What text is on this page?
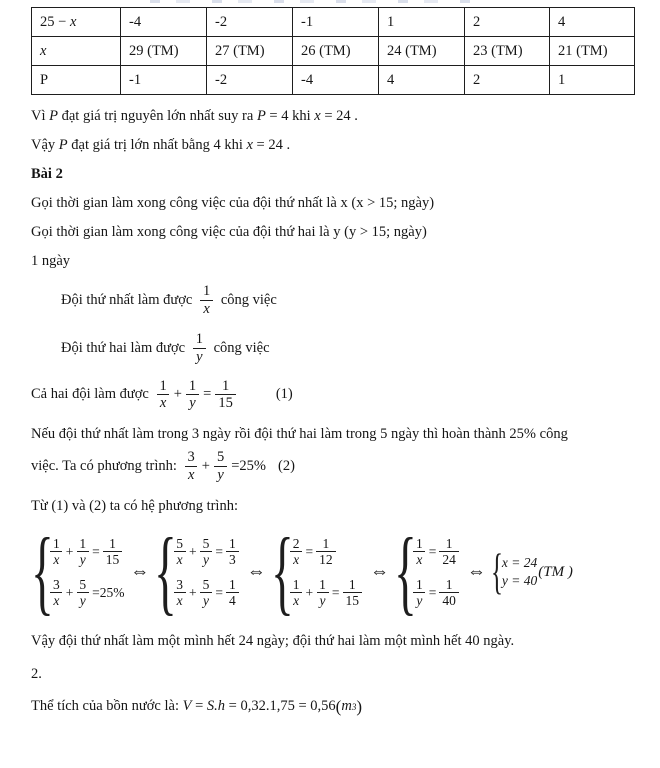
25 − x	-4	-2	-1	1	2	4
x	29 (TM)	27 (TM)	26 (TM)	24 (TM)	23 (TM)	21 (TM)
P	-1	-2	-4	4	2	1

Vì P đạt giá trị nguyên lớn nhất suy ra P = 4 khi x = 24 .

Vậy P đạt giá trị lớn nhất bằng 4 khi x = 24 .

Bài 2

Gọi thời gian làm xong công việc của đội thứ nhất là x (x > 15; ngày)

Gọi thời gian làm xong công việc của đội thứ hai là y (y > 15; ngày)

1 ngày

Đội thứ nhất làm được $\frac{1}{x}$ công việc
Đội thứ hai làm được $\frac{1}{y}$ công việc
Cả hai đội làm được $\frac{1}{x} + \frac{1}{y} = \frac{1}{15}$	(1)

Nếu đội thứ nhất làm trong 3 ngày rồi đội thứ hai làm trong 5 ngày thì hoàn thành 25% công

việc. Ta có phương trình: $\frac{3}{x} + \frac{5}{y} = 25\%$ (2)

Từ (1) và (2) ta có hệ phương trình:

{
$\frac{1}{x} + \frac{1}{y} = \frac{1}{15}$
$\frac{3}{x} + \frac{5}{y} = 25\%$
⇔ {
$\frac{5}{x} + \frac{5}{y} = \frac{1}{3}$
$\frac{3}{x} + \frac{5}{y} = \frac{1}{4}$
⇔ {
$\frac{2}{x} = \frac{1}{12}$
$\frac{1}{x} + \frac{1}{y} = \frac{1}{15}$
⇔ {
$\frac{1}{x} = \frac{1}{24}$
$\frac{1}{y} = \frac{1}{40}$
⇔ { x = 24
y = 40
(TM )

Vậy đội thứ nhất làm một mình hết 24 ngày; đội thứ hai làm một mình hết 40 ngày.

2.

Thể tích của bồn nước là: V = S.h = 0,32.1,75 = 0,56 ( m 3 )
